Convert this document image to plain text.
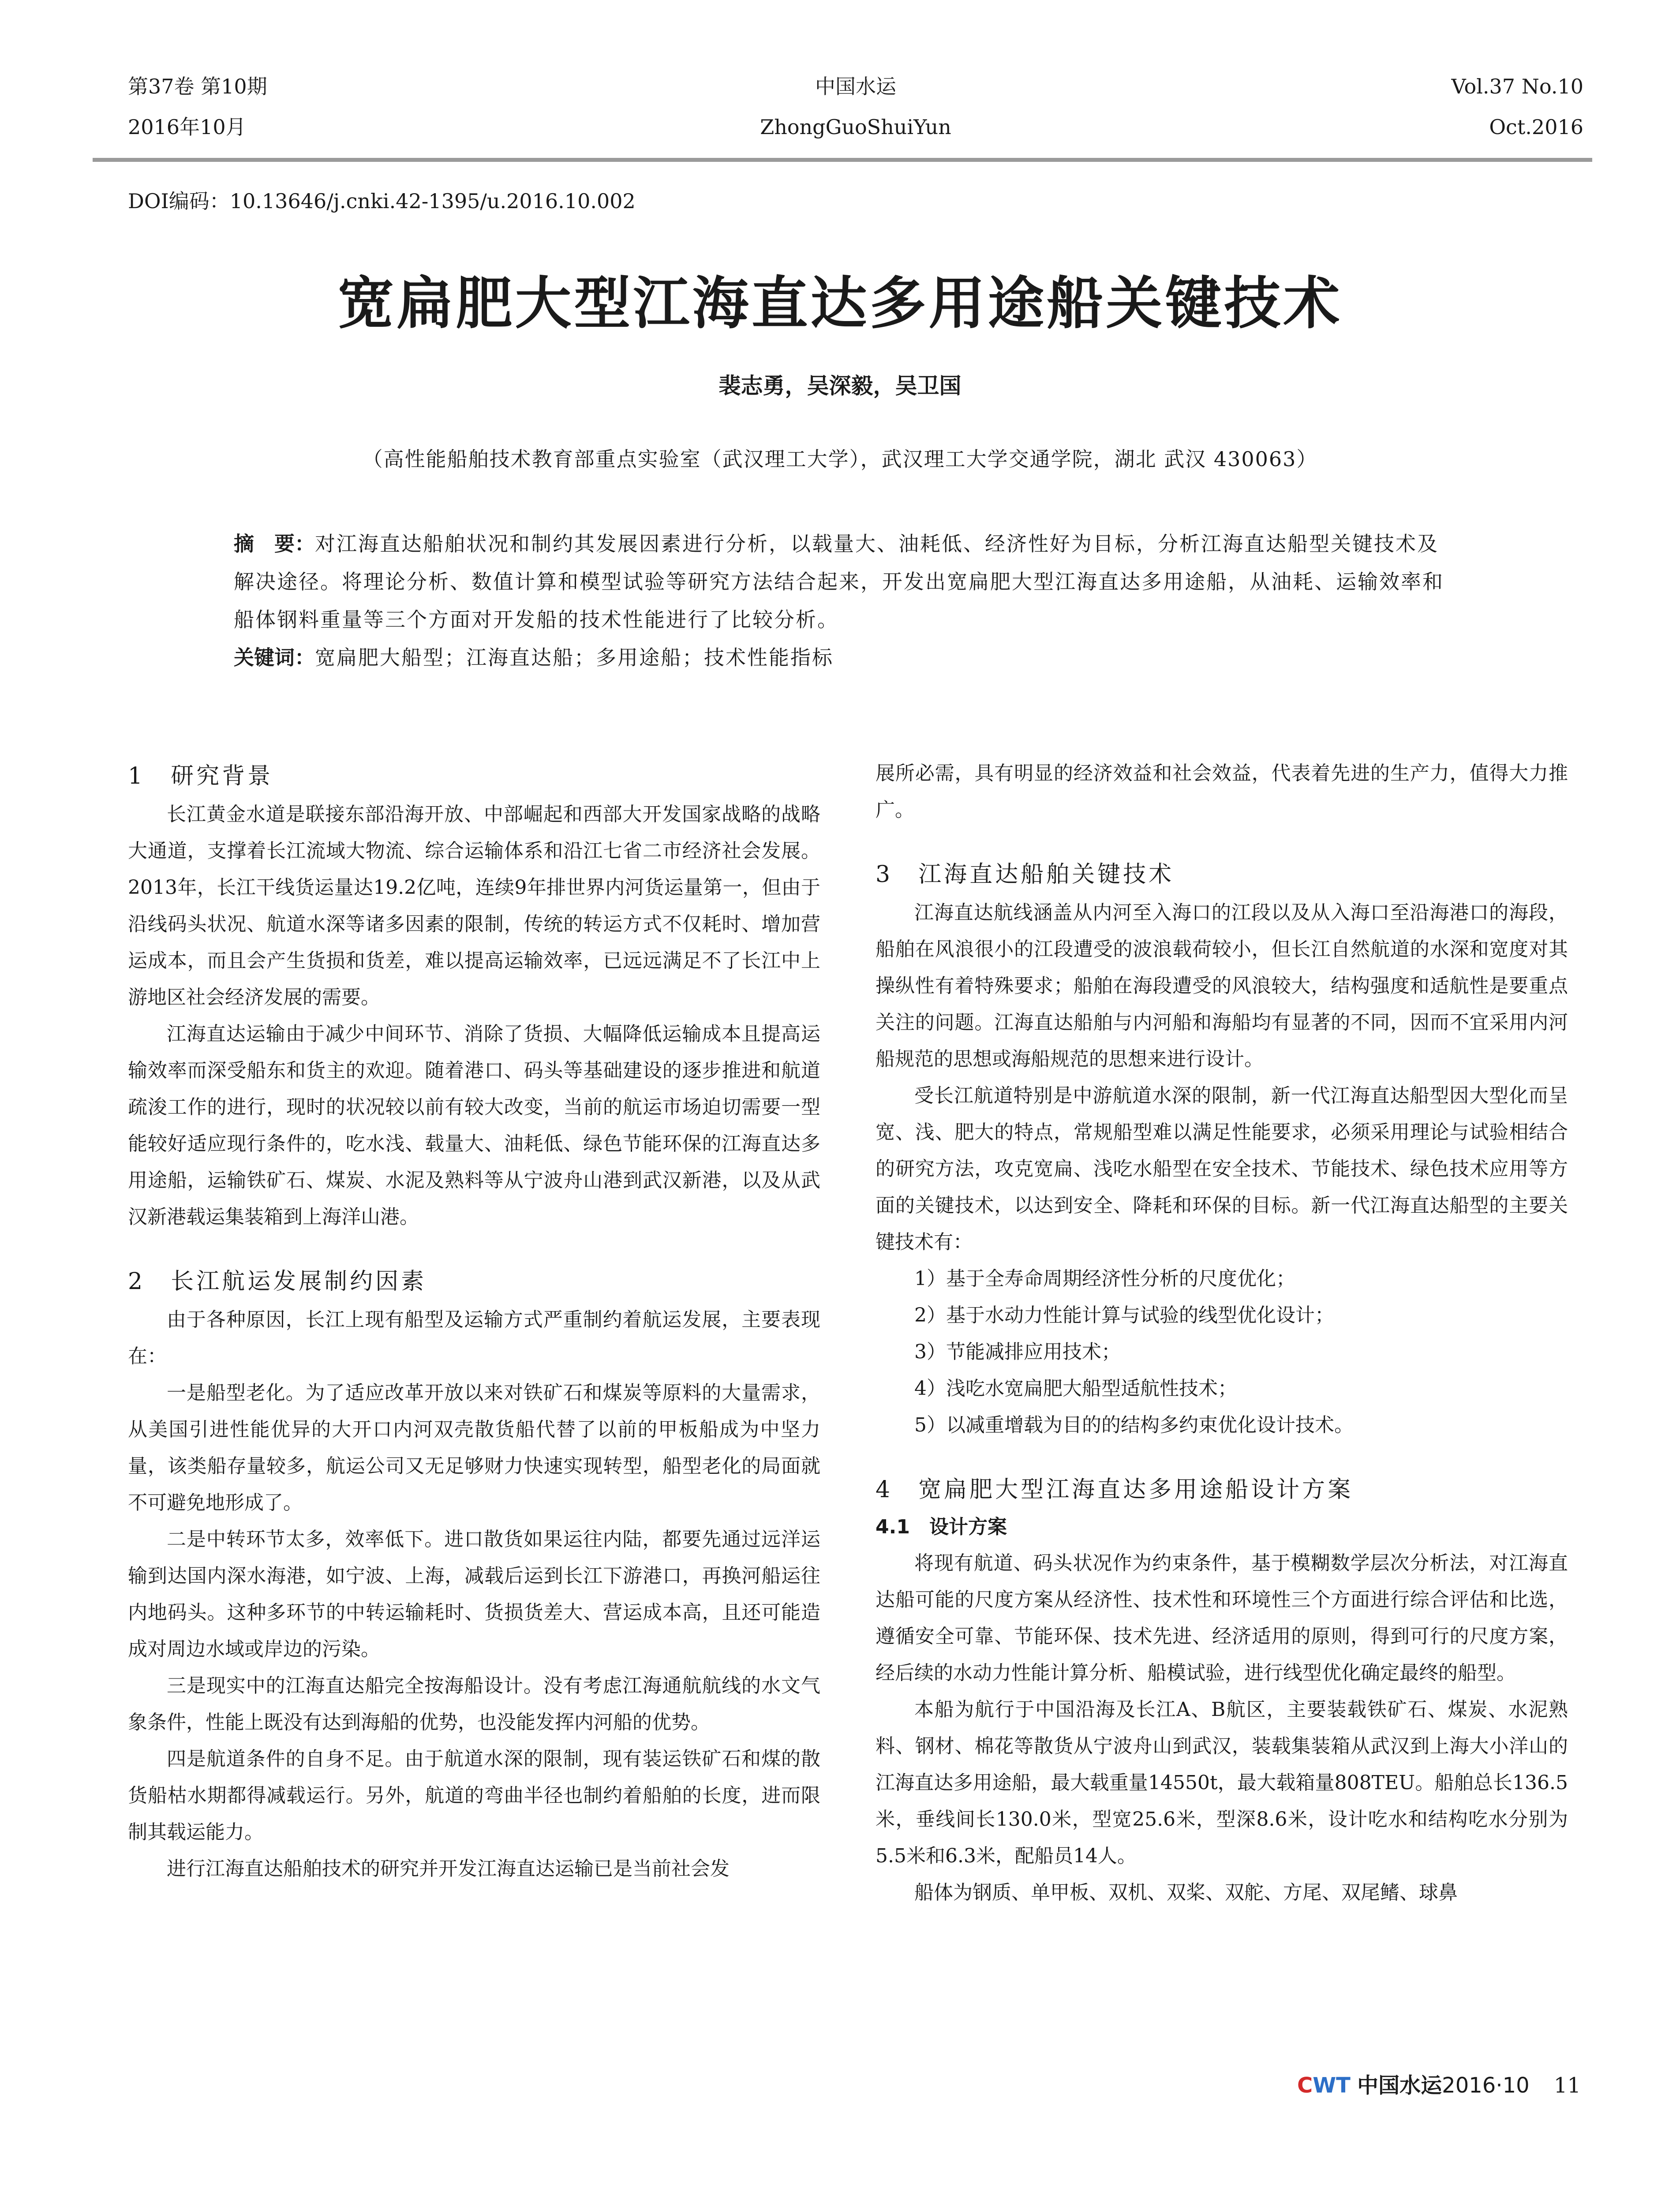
第37卷 第10期
2016年10月
中国水运
ZhongGuoShuiYun
Vol.37 No.10
Oct.2016
DOI编码：10.13646/j.cnki.42-1395/u.2016.10.002
宽扁肥大型江海直达多用途船关键技术
裴志勇，吴深毅，吴卫国
（高性能船舶技术教育部重点实验室（武汉理工大学），武汉理工大学交通学院，湖北 武汉 430063）
摘　要：对江海直达船舶状况和制约其发展因素进行分析，以载量大、油耗低、经济性好为目标，分析江海直达船型关键技术及解决途径。将理论分析、数值计算和模型试验等研究方法结合起来，开发出宽扁肥大型江海直达多用途船，从油耗、运输效率和船体钢料重量等三个方面对开发船的技术性能进行了比较分析。
关键词：宽扁肥大船型；江海直达船；多用途船；技术性能指标
1　研究背景

长江黄金水道是联接东部沿海开放、中部崛起和西部大开发国家战略的战略大通道，支撑着长江流域大物流、综合运输体系和沿江七省二市经济社会发展。2013年，长江干线货运量达19.2亿吨，连续9年排世界内河货运量第一，但由于沿线码头状况、航道水深等诸多因素的限制，传统的转运方式不仅耗时、增加营运成本，而且会产生货损和货差，难以提高运输效率，已远远满足不了长江中上游地区社会经济发展的需要。

江海直达运输由于减少中间环节、消除了货损、大幅降低运输成本且提高运输效率而深受船东和货主的欢迎。随着港口、码头等基础建设的逐步推进和航道疏浚工作的进行，现时的状况较以前有较大改变，当前的航运市场迫切需要一型能较好适应现行条件的，吃水浅、载量大、油耗低、绿色节能环保的江海直达多用途船，运输铁矿石、煤炭、水泥及熟料等从宁波舟山港到武汉新港，以及从武汉新港载运集装箱到上海洋山港。

2　长江航运发展制约因素

由于各种原因，长江上现有船型及运输方式严重制约着航运发展，主要表现在：

一是船型老化。为了适应改革开放以来对铁矿石和煤炭等原料的大量需求，从美国引进性能优异的大开口内河双壳散货船代替了以前的甲板船成为中坚力量，该类船存量较多，航运公司又无足够财力快速实现转型，船型老化的局面就不可避免地形成了。

二是中转环节太多，效率低下。进口散货如果运往内陆，都要先通过远洋运输到达国内深水海港，如宁波、上海，减载后运到长江下游港口，再换河船运往内地码头。这种多环节的中转运输耗时、货损货差大、营运成本高，且还可能造成对周边水域或岸边的污染。

三是现实中的江海直达船完全按海船设计。没有考虑江海通航航线的水文气象条件，性能上既没有达到海船的优势，也没能发挥内河船的优势。

四是航道条件的自身不足。由于航道水深的限制，现有装运铁矿石和煤的散货船枯水期都得减载运行。另外，航道的弯曲半径也制约着船舶的长度，进而限制其载运能力。

进行江海直达船舶技术的研究并开发江海直达运输已是当前社会发

展所必需，具有明显的经济效益和社会效益，代表着先进的生产力，值得大力推广。

3　江海直达船舶关键技术

江海直达航线涵盖从内河至入海口的江段以及从入海口至沿海港口的海段，船舶在风浪很小的江段遭受的波浪载荷较小，但长江自然航道的水深和宽度对其操纵性有着特殊要求；船舶在海段遭受的风浪较大，结构强度和适航性是要重点关注的问题。江海直达船舶与内河船和海船均有显著的不同，因而不宜采用内河船规范的思想或海船规范的思想来进行设计。

受长江航道特别是中游航道水深的限制，新一代江海直达船型因大型化而呈宽、浅、肥大的特点，常规船型难以满足性能要求，必须采用理论与试验相结合的研究方法，攻克宽扁、浅吃水船型在安全技术、节能技术、绿色技术应用等方面的关键技术，以达到安全、降耗和环保的目标。新一代江海直达船型的主要关键技术有：

1）基于全寿命周期经济性分析的尺度优化；
2）基于水动力性能计算与试验的线型优化设计；
3）节能减排应用技术；
4）浅吃水宽扁肥大船型适航性技术；
5）以减重增载为目的的结构多约束优化设计技术。
4　宽扁肥大型江海直达多用途船设计方案
4.1　设计方案

将现有航道、码头状况作为约束条件，基于模糊数学层次分析法，对江海直达船可能的尺度方案从经济性、技术性和环境性三个方面进行综合评估和比选，遵循安全可靠、节能环保、技术先进、经济适用的原则，得到可行的尺度方案，经后续的水动力性能计算分析、船模试验，进行线型优化确定最终的船型。

本船为航行于中国沿海及长江A、B航区，主要装载铁矿石、煤炭、水泥熟料、钢材、棉花等散货从宁波舟山到武汉，装载集装箱从武汉到上海大小洋山的江海直达多用途船，最大载重量14550t，最大载箱量808TEU。船舶总长136.5米，垂线间长130.0米，型宽25.6米，型深8.6米，设计吃水和结构吃水分别为5.5米和6.3米，配船员14人。

船体为钢质、单甲板、双机、双桨、双舵、方尾、双尾鳍、球鼻

CWT 中国水运2016·10 11
